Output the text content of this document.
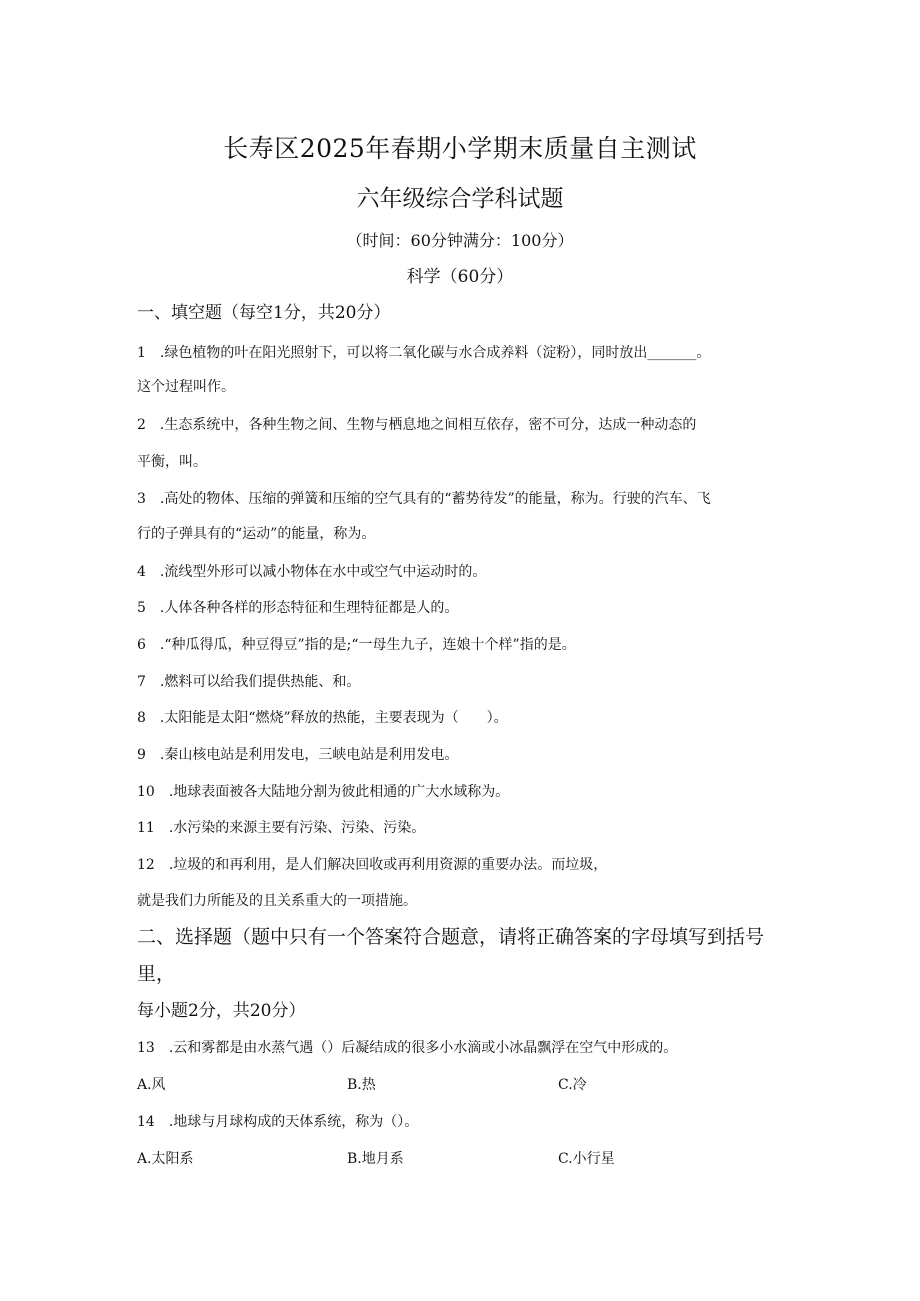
长寿区2025年春期小学期末质量自主测试
六年级综合学科试题
（时间：60分钟满分：100分）
科学（60分）
一、填空题（每空1分，共20分）
1　.绿色植物的叶在阳光照射下，可以将二氧化碳与水合成养料（淀粉），同时放出_______。
这个过程叫作。
2　.生态系统中，各种生物之间、生物与栖息地之间相互依存，密不可分，达成一种动态的
平衡，叫。
3　.高处的物体、压缩的弹簧和压缩的空气具有的“蓄势待发”的能量，称为。行驶的汽车、飞
行的子弹具有的“运动”的能量，称为。
4　.流线型外形可以减小物体在水中或空气中运动时的。
5　.人体各种各样的形态特征和生理特征都是人的。
6　.“种瓜得瓜，种豆得豆”指的是;“一母生九子，连娘十个样”指的是。
7　.燃料可以给我们提供热能、和。
8　.太阳能是太阳“燃烧”释放的热能，主要表现为（　　）。
9　.秦山核电站是利用发电，三峡电站是利用发电。
10　.地球表面被各大陆地分割为彼此相通的广大水域称为。
11　.水污染的来源主要有污染、污染、污染。
12　.垃圾的和再利用，是人们解决回收或再利用资源的重要办法。而垃圾，
就是我们力所能及的且关系重大的一项措施。
二、选择题（题中只有一个答案符合题意，请将正确答案的字母填写到括号
里，
每小题2分，共20分）
13　.云和雾都是由水蒸气遇（）后凝结成的很多小水滴或小冰晶飘浮在空气中形成的。
A.风	B.热	C.冷
14　.地球与月球构成的天体系统，称为（）。
A.太阳系	B.地月系	C.小行星
